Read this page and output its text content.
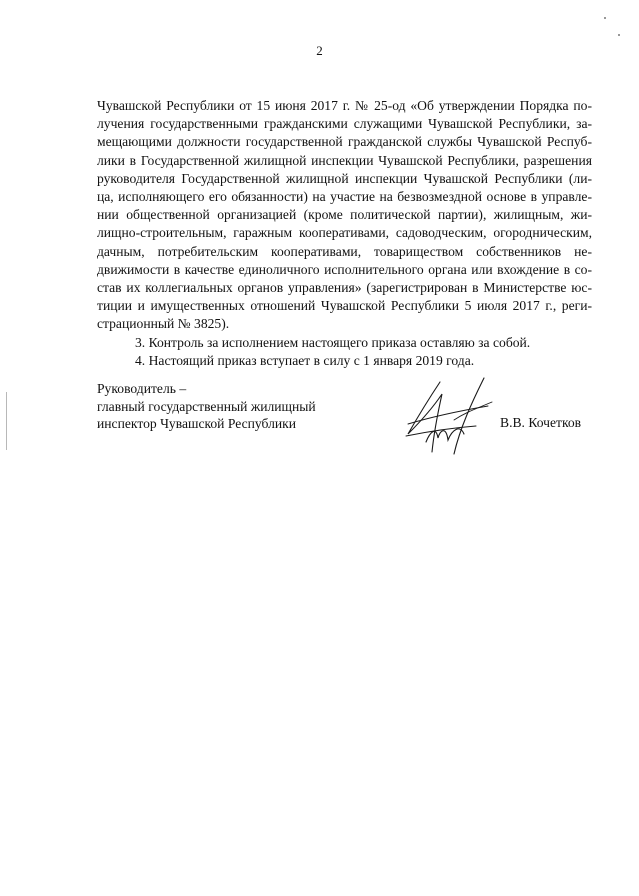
2
Чувашской Республики от 15 июня 2017 г. № 25-од «Об утверждении Порядка по-
лучения государственными гражданскими служащими Чувашской Республики, за-
мещающими должности государственной гражданской службы Чувашской Респуб-
лики в Государственной жилищной инспекции Чувашской Республики, разрешения
руководителя Государственной жилищной инспекции Чувашской Республики (ли-
ца, исполняющего его обязанности) на участие на безвозмездной основе в управле-
нии общественной организацией (кроме политической партии), жилищным, жи-
лищно-строительным, гаражным кооперативами, садоводческим, огородническим,
дачным, потребительским кооперативами, товариществом собственников не-
движимости в качестве единоличного исполнительного органа или вхождение в со-
став их коллегиальных органов управления» (зарегистрирован в Министерстве юс-
тиции и имущественных отношений Чувашской Республики 5 июля 2017 г., реги-
страционный № 3825).
3. Контроль за исполнением настоящего приказа оставляю за собой.
4. Настоящий приказ вступает в силу с 1 января 2019 года.
Руководитель –
главный государственный жилищный
инспектор Чувашской Республики	В.В. Кочетков
